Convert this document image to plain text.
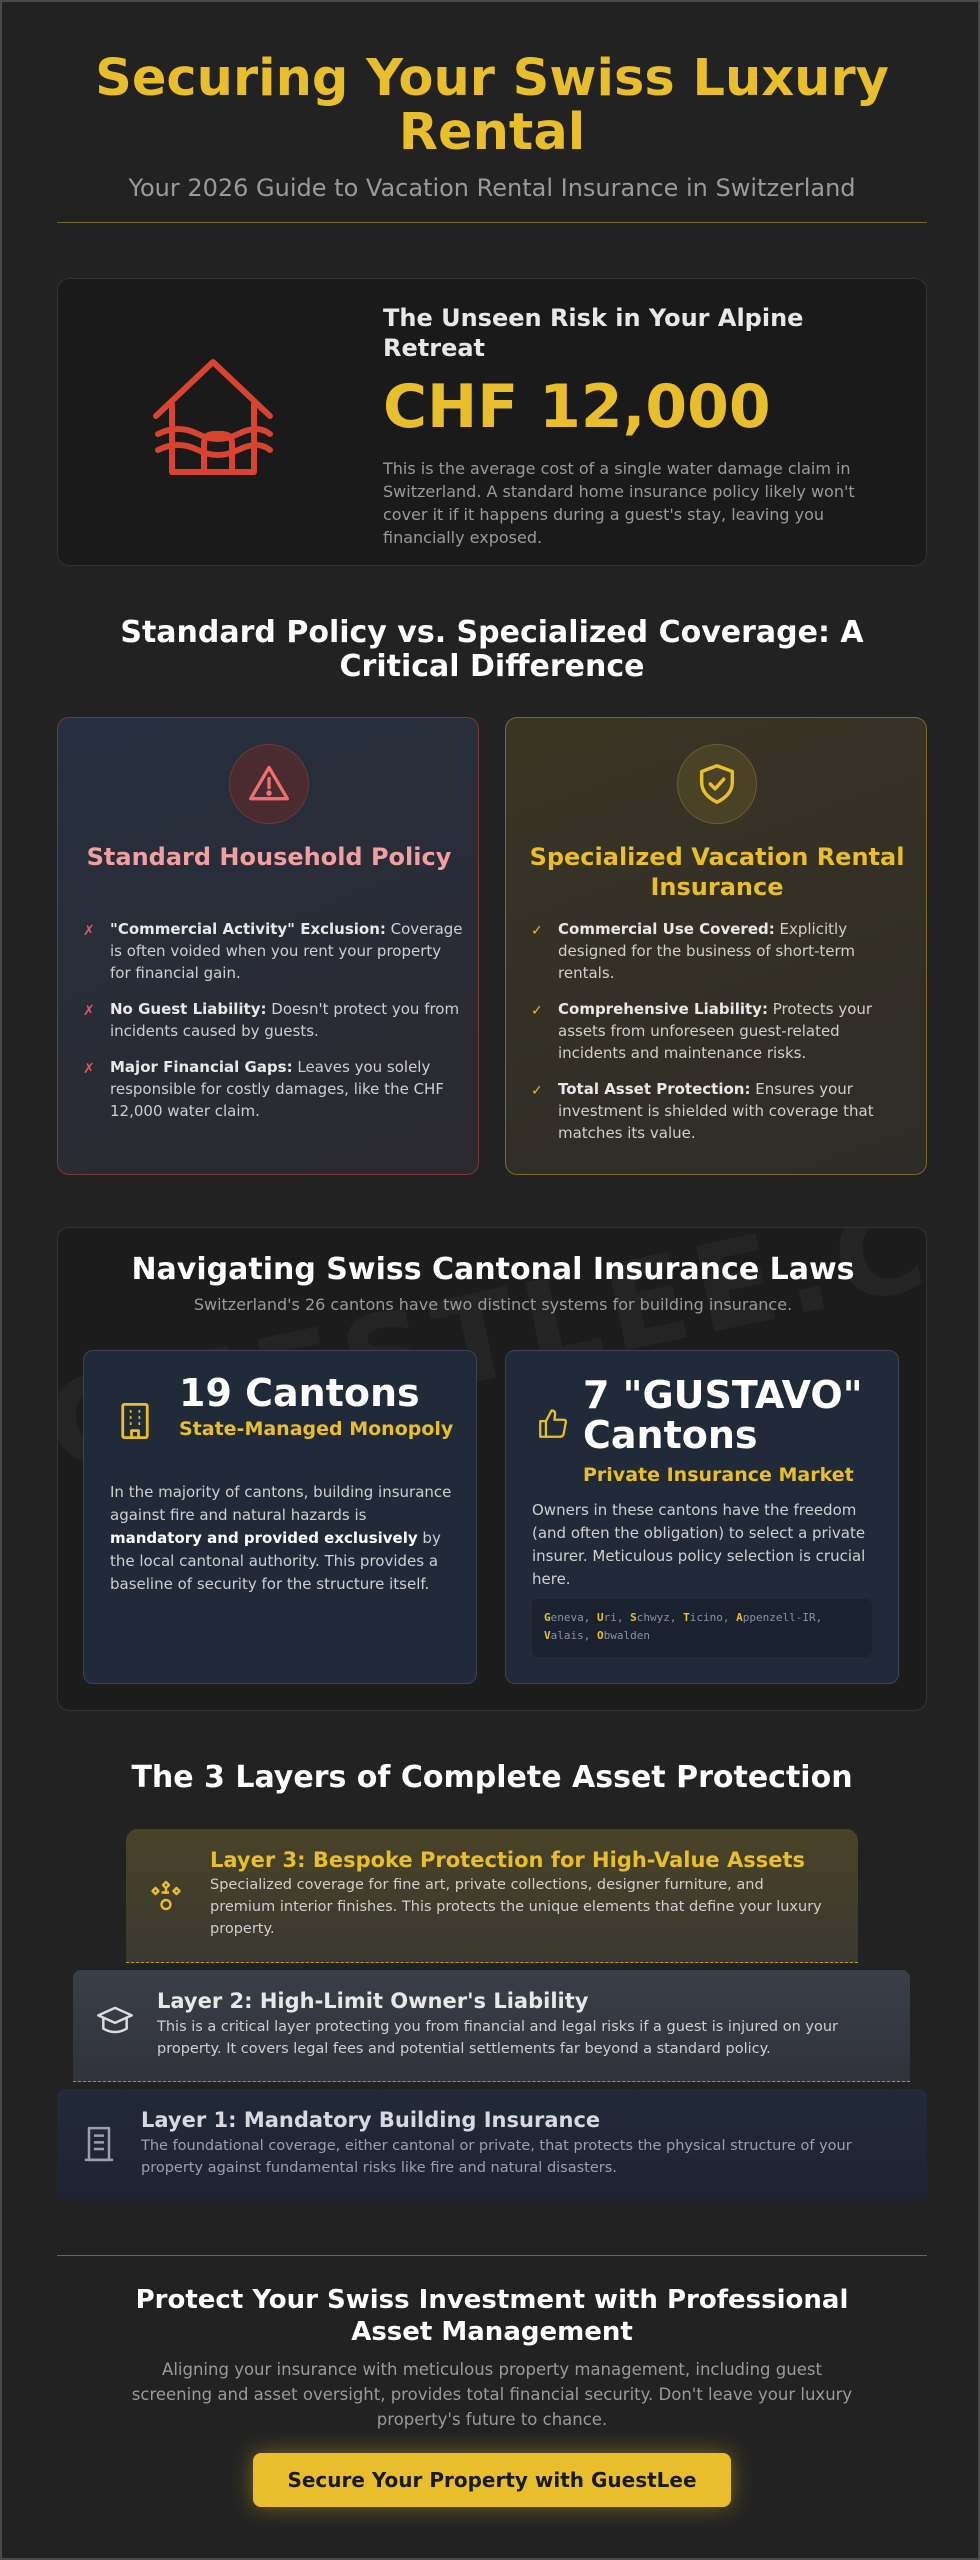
Securing Your Swiss Luxury Rental

Your 2026 Guide to Vacation Rental Insurance in Switzerland

The Unseen Risk in Your Alpine Retreat
CHF 12,000

This is the average cost of a single water damage claim in Switzerland. A standard home insurance policy likely won't cover it if it happens during a guest's stay, leaving you financially exposed.

Standard Policy vs. Specialized Coverage: A Critical Difference
Standard Household Policy
✗ "Commercial Activity" Exclusion: Coverage is often voided when you rent your property for financial gain.
✗ No Guest Liability: Doesn't protect you from incidents caused by guests.
✗ Major Financial Gaps: Leaves you solely responsible for costly damages, like the CHF 12,000 water claim.
Specialized Vacation Rental Insurance
✓ Commercial Use Covered: Explicitly designed for the business of short-term rentals.
✓ Comprehensive Liability: Protects your assets from unforeseen guest-related incidents and maintenance risks.
✓ Total Asset Protection: Ensures your investment is shielded with coverage that matches its value.
Navigating Swiss Cantonal Insurance Laws

Switzerland's 26 cantons have two distinct systems for building insurance.

19 Cantons
State-Managed Monopoly

In the majority of cantons, building insurance against fire and natural hazards is mandatory and provided exclusively by the local cantonal authority. This provides a baseline of security for the structure itself.

7 "GUSTAVO" Cantons
Private Insurance Market

Owners in these cantons have the freedom (and often the obligation) to select a private insurer. Meticulous policy selection is crucial here.

Geneva, Uri, Schwyz, Ticino, Appenzell-IR,
Valais, Obwalden
The 3 Layers of Complete Asset Protection
Layer 3: Bespoke Protection for High-Value Assets

Specialized coverage for fine art, private collections, designer furniture, and premium interior finishes. This protects the unique elements that define your luxury property.

Layer 2: High-Limit Owner's Liability

This is a critical layer protecting you from financial and legal risks if a guest is injured on your property. It covers legal fees and potential settlements far beyond a standard policy.

Layer 1: Mandatory Building Insurance

The foundational coverage, either cantonal or private, that protects the physical structure of your property against fundamental risks like fire and natural disasters.

Protect Your Swiss Investment with Professional Asset Management

Aligning your insurance with meticulous property management, including guest screening and asset oversight, provides total financial security. Don't leave your luxury property's future to chance.

Secure Your Property with GuestLee
